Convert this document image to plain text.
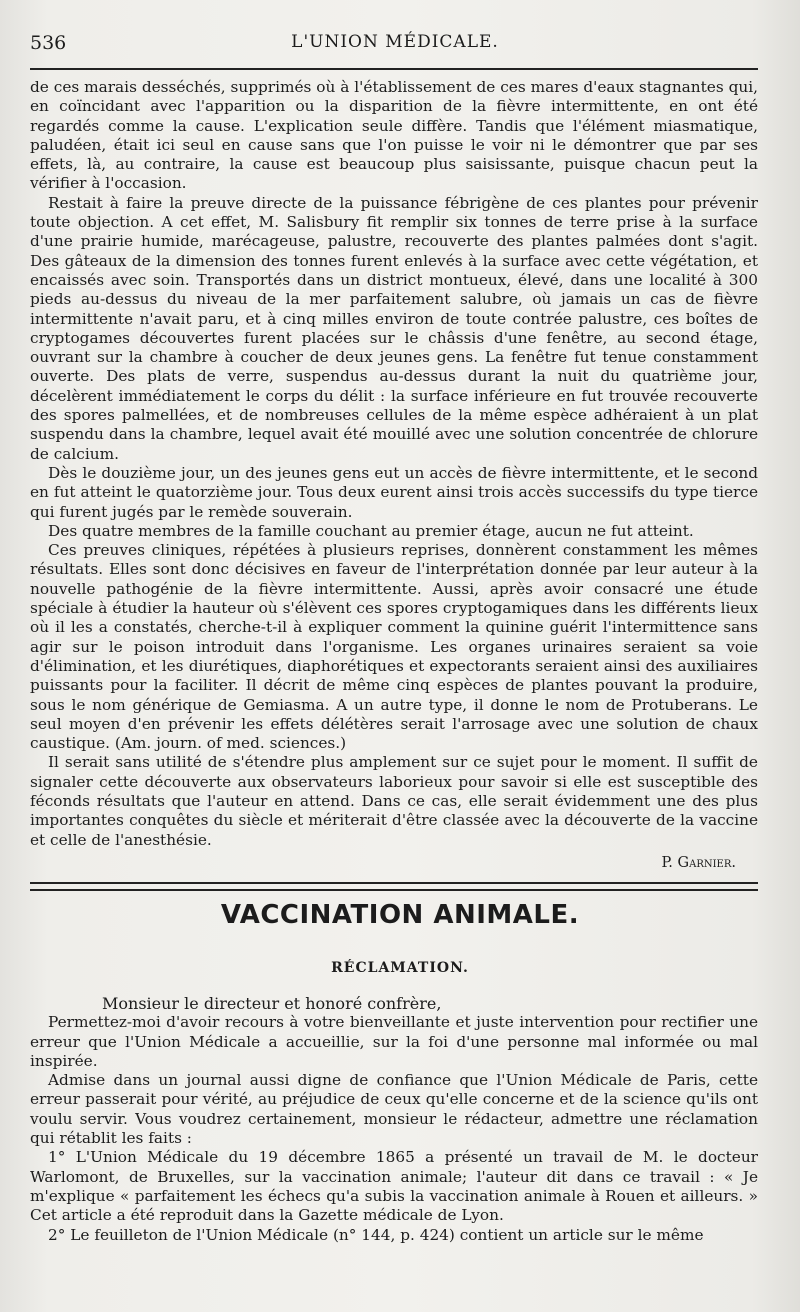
536	L'UNION MÉDICALE.

de ces marais desséchés, supprimés où à l'établissement de ces mares d'eaux stagnantes qui, en coïncidant avec l'apparition ou la disparition de la fièvre intermittente, en ont été regardés comme la cause. L'explication seule diffère. Tandis que l'élément miasmatique, paludéen, était ici seul en cause sans que l'on puisse le voir ni le démontrer que par ses effets, là, au contraire, la cause est beaucoup plus saisissante, puisque chacun peut la vérifier à l'occasion.

Restait à faire la preuve directe de la puissance fébrigène de ces plantes pour prévenir toute objection. A cet effet, M. Salisbury fit remplir six tonnes de terre prise à la surface d'une prairie humide, marécageuse, palustre, recouverte des plantes palmées dont s'agit. Des gâteaux de la dimension des tonnes furent enlevés à la surface avec cette végétation, et encaissés avec soin. Transportés dans un district montueux, élevé, dans une localité à 300 pieds au-dessus du niveau de la mer parfaitement salubre, où jamais un cas de fièvre intermittente n'avait paru, et à cinq milles environ de toute contrée palustre, ces boîtes de cryptogames découvertes furent placées sur le châssis d'une fenêtre, au second étage, ouvrant sur la chambre à coucher de deux jeunes gens. La fenêtre fut tenue constamment ouverte. Des plats de verre, suspendus au-dessus durant la nuit du quatrième jour, décelèrent immédiatement le corps du délit : la surface inférieure en fut trouvée recouverte des spores palmellées, et de nombreuses cellules de la même espèce adhéraient à un plat suspendu dans la chambre, lequel avait été mouillé avec une solution concentrée de chlorure de calcium.

Dès le douzième jour, un des jeunes gens eut un accès de fièvre intermittente, et le second en fut atteint le quatorzième jour. Tous deux eurent ainsi trois accès successifs du type tierce qui furent jugés par le remède souverain.

Des quatre membres de la famille couchant au premier étage, aucun ne fut atteint.

Ces preuves cliniques, répétées à plusieurs reprises, donnèrent constamment les mêmes résultats. Elles sont donc décisives en faveur de l'interprétation donnée par leur auteur à la nouvelle pathogénie de la fièvre intermittente. Aussi, après avoir consacré une étude spéciale à étudier la hauteur où s'élèvent ces spores cryptogamiques dans les différents lieux où il les a constatés, cherche-t-il à expliquer comment la quinine guérit l'intermittence sans agir sur le poison introduit dans l'organisme. Les organes urinaires seraient sa voie d'élimination, et les diurétiques, diaphorétiques et expectorants seraient ainsi des auxiliaires puissants pour la faciliter. Il décrit de même cinq espèces de plantes pouvant la produire, sous le nom générique de Gemiasma. A un autre type, il donne le nom de Protuberans. Le seul moyen d'en prévenir les effets délétères serait l'arrosage avec une solution de chaux caustique. (Am. journ. of med. sciences.)

Il serait sans utilité de s'étendre plus amplement sur ce sujet pour le moment. Il suffit de signaler cette découverte aux observateurs laborieux pour savoir si elle est susceptible des féconds résultats que l'auteur en attend. Dans ce cas, elle serait évidemment une des plus importantes conquêtes du siècle et mériterait d'être classée avec la découverte de la vaccine et celle de l'anesthésie.

P. Garnier.

VACCINATION ANIMALE.
RÉCLAMATION.

Monsieur le directeur et honoré confrère,

Permettez-moi d'avoir recours à votre bienveillante et juste intervention pour rectifier une erreur que l'Union Médicale a accueillie, sur la foi d'une personne mal informée ou mal inspirée.

Admise dans un journal aussi digne de confiance que l'Union Médicale de Paris, cette erreur passerait pour vérité, au préjudice de ceux qu'elle concerne et de la science qu'ils ont voulu servir. Vous voudrez certainement, monsieur le rédacteur, admettre une réclamation qui rétablit les faits :

1° L'Union Médicale du 19 décembre 1865 a présenté un travail de M. le docteur Warlomont, de Bruxelles, sur la vaccination animale; l'auteur dit dans ce travail : « Je m'explique « parfaitement les échecs qu'a subis la vaccination animale à Rouen et ailleurs. » Cet article a été reproduit dans la Gazette médicale de Lyon.

2° Le feuilleton de l'Union Médicale (n° 144, p. 424) contient un article sur le même
